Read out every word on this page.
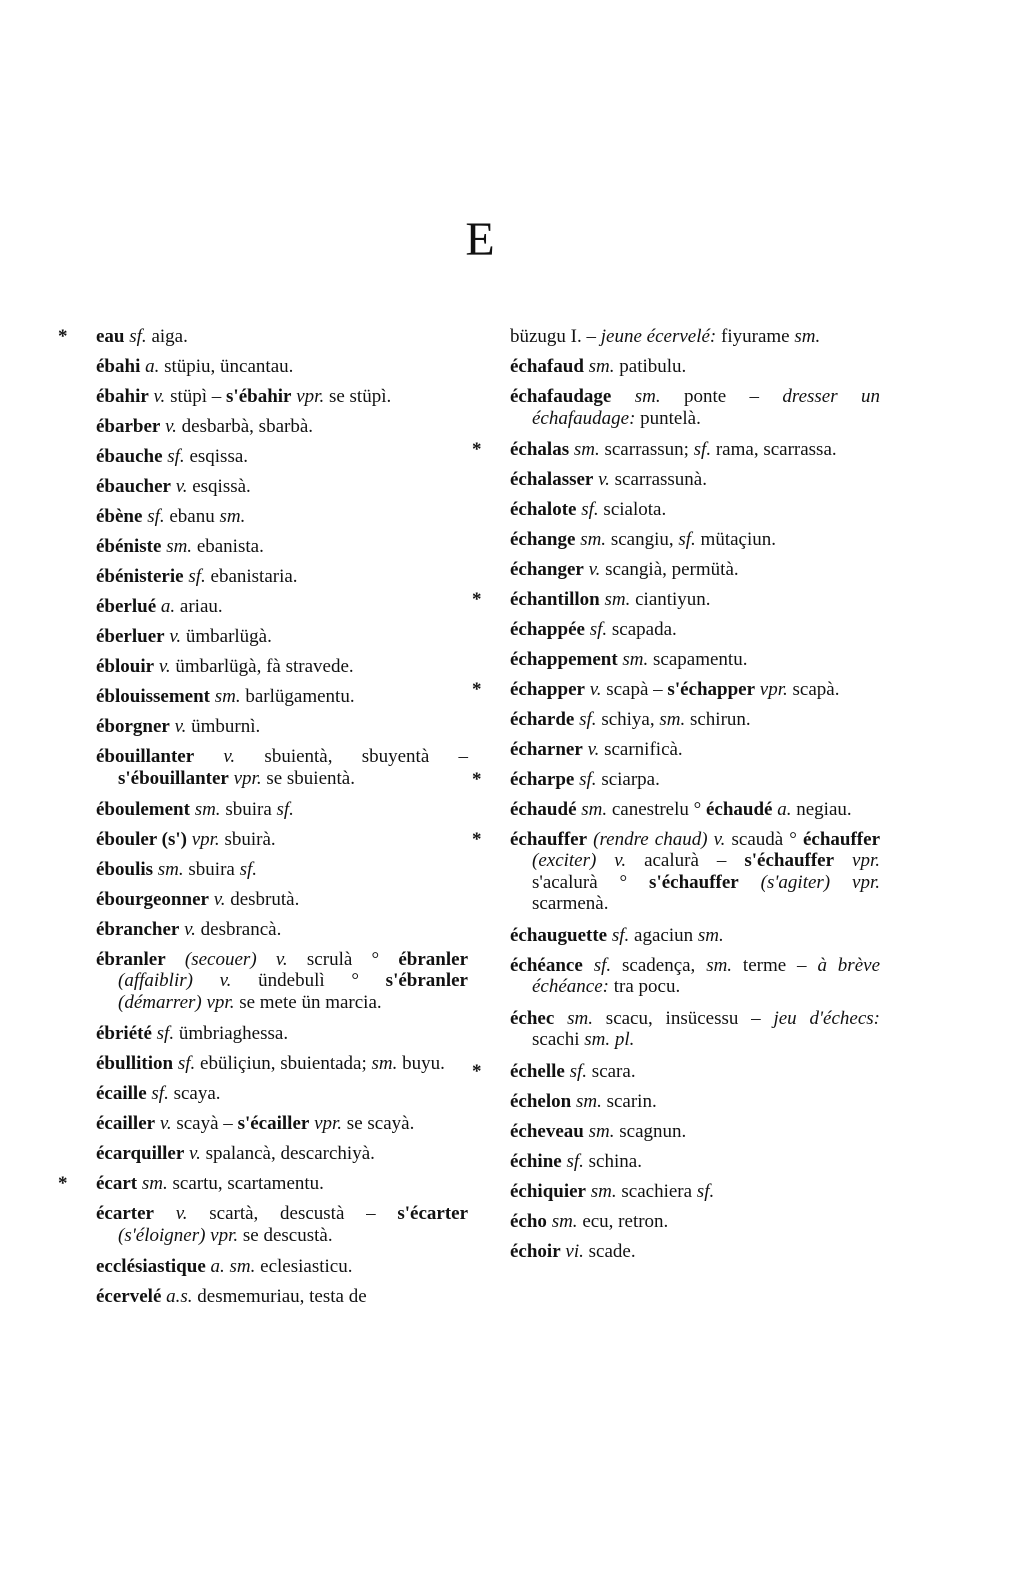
E

* eau sf. aiga.

ébahi a. stüpiu, üncantau.

ébahir v. stüpì – s'ébahir vpr. se stüpì.

ébarber v. desbarbà, sbarbà.

ébauche sf. esqissa.

ébaucher v. esqissà.

ébène sf. ebanu sm.

ébéniste sm. ebanista.

ébénisterie sf. ebanistaria.

éberlué a. ariau.

éberluer v. ümbarlügà.

éblouir v. ümbarlügà, fà stravede.

éblouissement sm. barlügamentu.

éborgner v. ümburnì.

ébouillanter v. sbuientà, sbuyentà – s'ébouillanter vpr. se sbuientà.

éboulement sm. sbuira sf.

ébouler (s') vpr. sbuirà.

éboulis sm. sbuira sf.

ébourgeonner v. desbrutà.

ébrancher v. desbrancà.

ébranler (secouer) v. scrulà ° ébranler (affaiblir) v. ündebulì ° s'ébranler (démarrer) vpr. se mete ün marcia.

ébriété sf. ümbriaghessa.

ébullition sf. ebüliçiun, sbuientada; sm. buyu.

écaille sf. scaya.

écailler v. scayà – s'écailler vpr. se scayà.

écarquiller v. spalancà, descarchiyà.

* écart sm. scartu, scartamentu.

écarter v. scartà, descustà – s'écarter (s'éloigner) vpr. se descustà.

ecclésiastique a. sm. eclesiasticu.

écervelé a.s. desmemuriau, testa de

büzugu I. – jeune écervelé: fiyurame sm.

échafaud sm. patibulu.

échafaudage sm. ponte – dresser un échafaudage: puntelà.

* échalas sm. scarrassun; sf. rama, scarrassa.

échalasser v. scarrassunà.

échalote sf. scialota.

échange sm. scangiu, sf. mütaçiun.

échanger v. scangià, permütà.

* échantillon sm. ciantiyun.

échappée sf. scapada.

échappement sm. scapamentu.

* échapper v. scapà – s'échapper vpr. scapà.

écharde sf. schiya, sm. schirun.

écharner v. scarnificà.

* écharpe sf. sciarpa.

échaudé sm. canestrelu ° échaudé a. negiau.

* échauffer (rendre chaud) v. scaudà ° échauffer (exciter) v. acalurà – s'échauffer vpr. s'acalurà ° s'échauffer (s'agiter) vpr. scarmenà.

échauguette sf. agaciun sm.

échéance sf. scadença, sm. terme – à brève échéance: tra pocu.

échec sm. scacu, insücessu – jeu d'échecs: scachi sm. pl.

* échelle sf. scara.

échelon sm. scarin.

écheveau sm. scagnun.

échine sf. schina.

échiquier sm. scachiera sf.

écho sm. ecu, retron.

échoir vi. scade.
